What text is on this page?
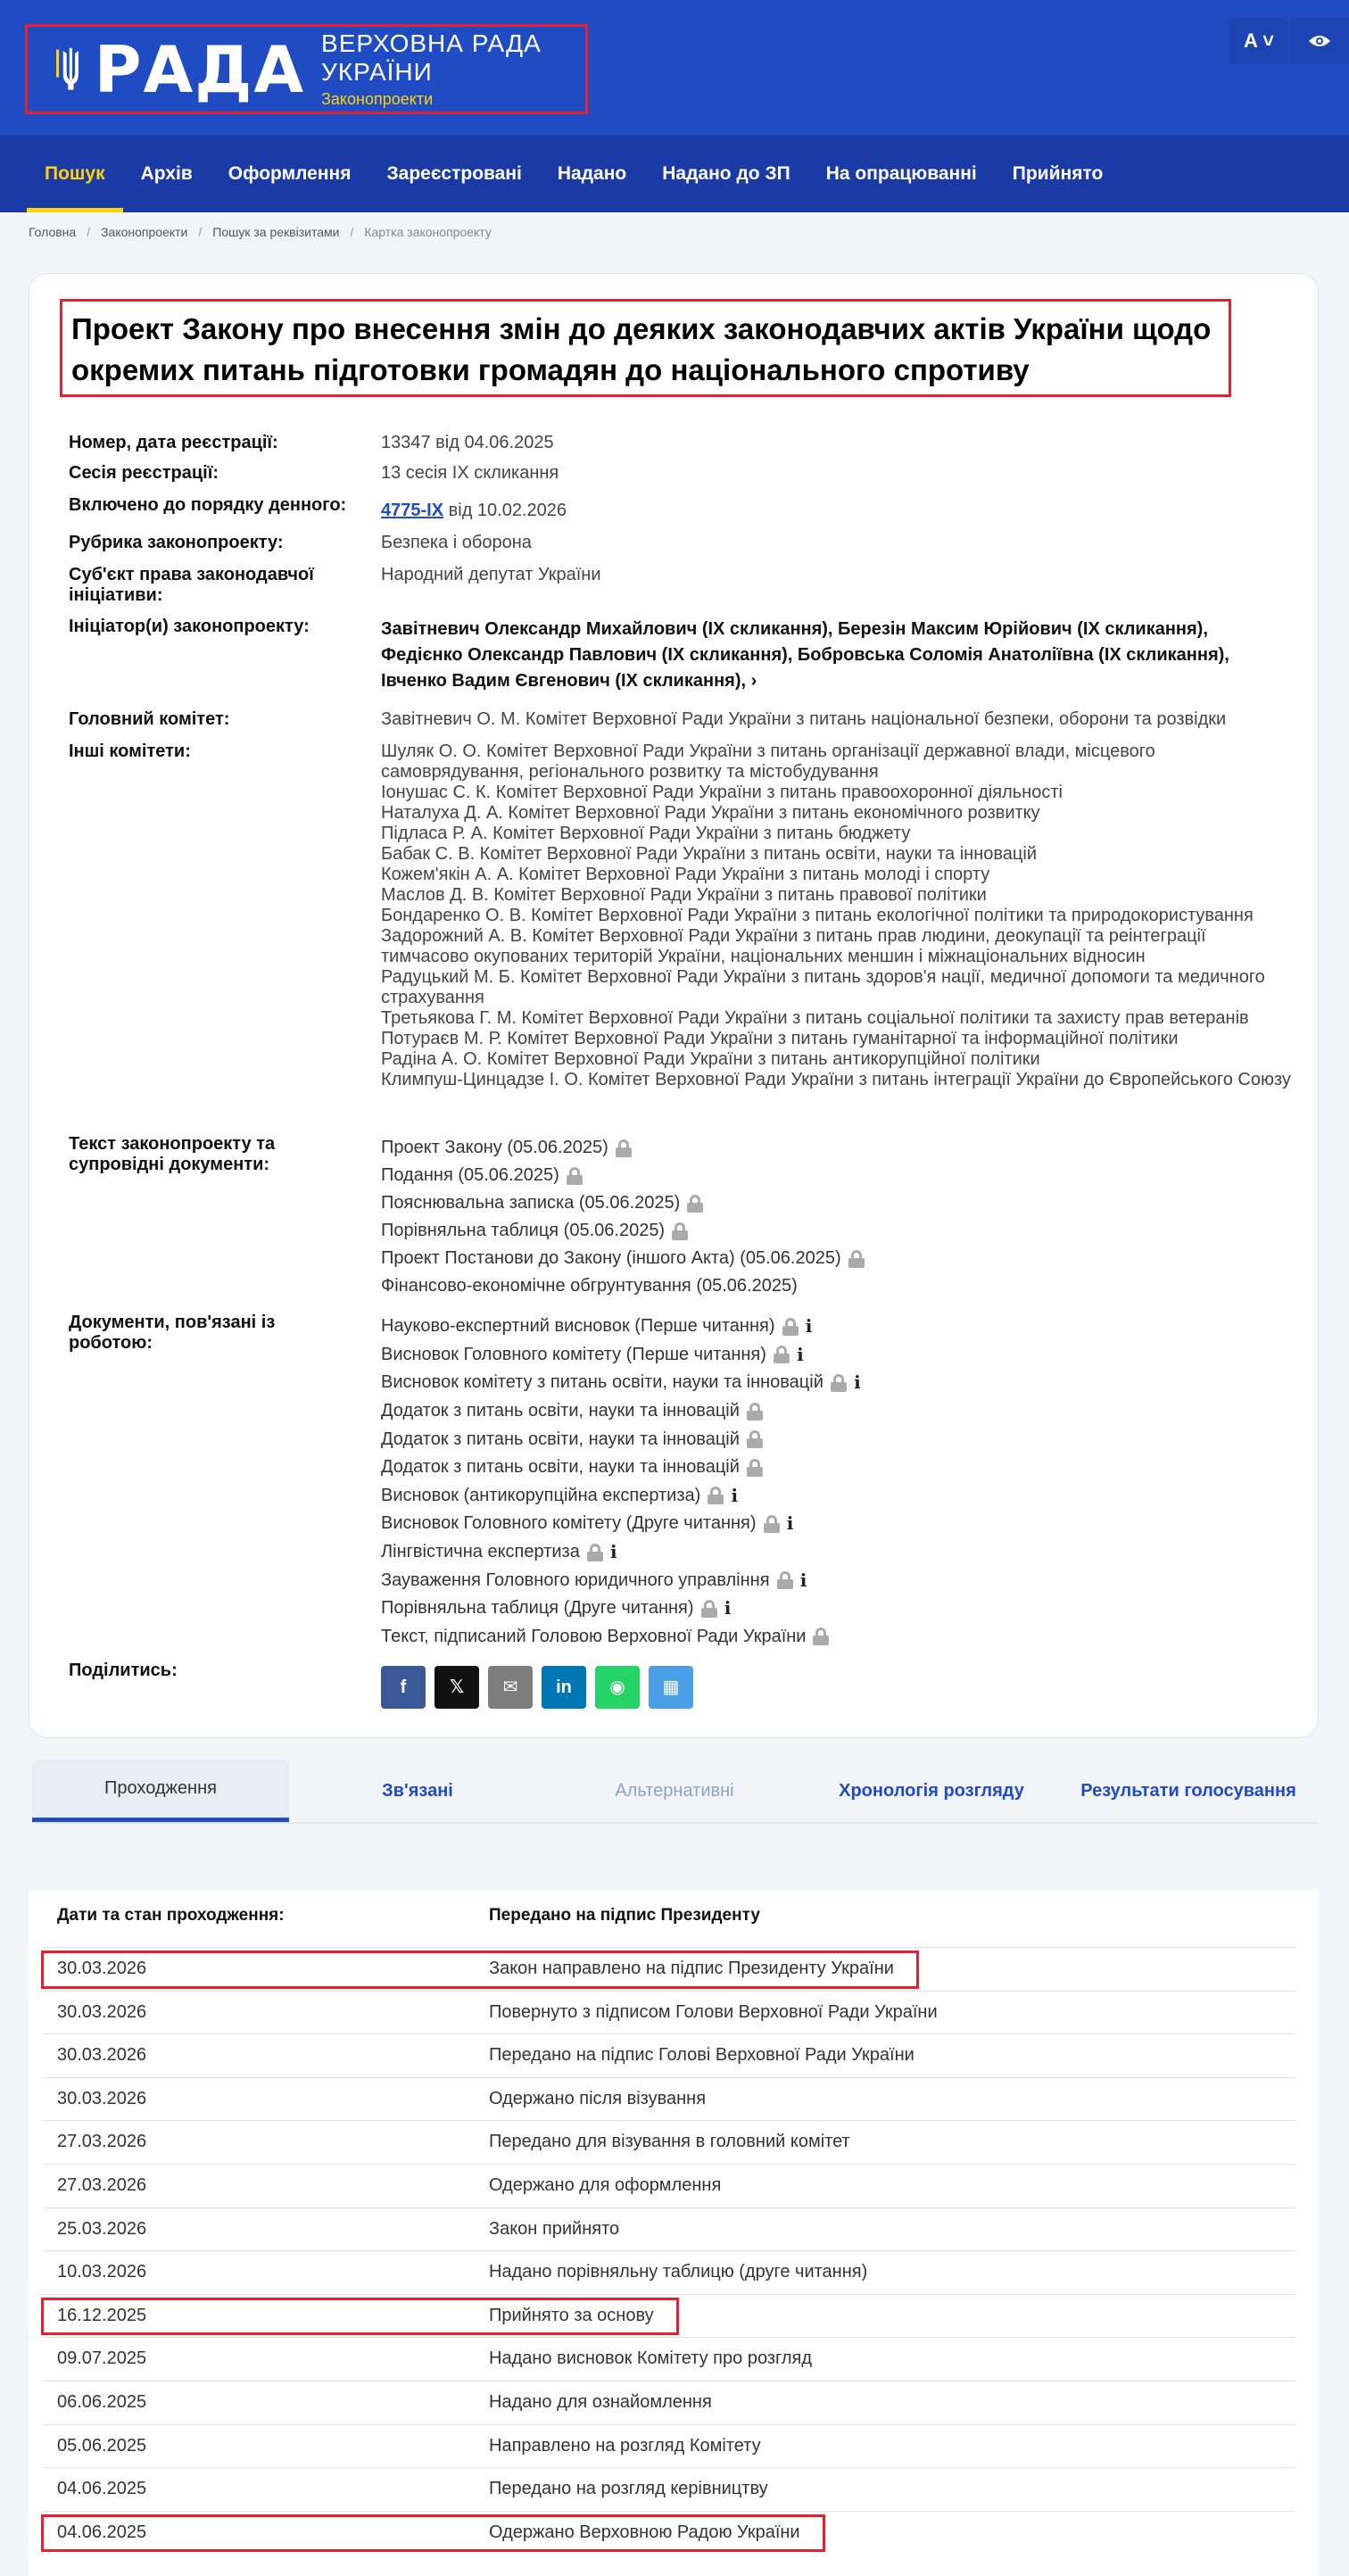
РАДА ВЕРХОВНА РАДА УКРАЇНИ
Законопроекти
A ˅
Пошук	Архів	Оформлення	Зареєстровані	Надано	Надано до ЗП	На опрацюванні	Прийнято
Головна / Законопроекти / Пошук за реквізитами / Картка законопроекту
Проект Закону про внесення змін до деяких законодавчих актів України щодо окремих питань підготовки громадян до національного спротиву
Номер, дата реєстрації:	13347 від 04.06.2025
Сесія реєстрації:	13 сесія IX скликання
Включено до порядку денного:	4775-IX від 10.02.2026
Рубрика законопроекту:	Безпека і оборона
Суб'єкт права законодавчої ініціативи:
Народний депутат України
Ініціатор(и) законопроекту:	Завітневич Олександр Михайлович (IX скликання), Березін Максим Юрійович (IX скликання), Федієнко Олександр Павлович (IX скликання), Бобровська Соломія Анатоліївна (IX скликання), Івченко Вадим Євгенович (IX скликання), ›
Головний комітет:	Завітневич О. М. Комітет Верховної Ради України з питань національної безпеки, оборони та розвідки
Інші комітети:	Шуляк О. О. Комітет Верховної Ради України з питань організації державної влади, місцевого самоврядування, регіонального розвитку та містобудування
Іонушас С. К. Комітет Верховної Ради України з питань правоохоронної діяльності
Наталуха Д. А. Комітет Верховної Ради України з питань економічного розвитку
Підласа Р. А. Комітет Верховної Ради України з питань бюджету
Бабак С. В. Комітет Верховної Ради України з питань освіти, науки та інновацій
Кожем'якін А. А. Комітет Верховної Ради України з питань молоді і спорту
Маслов Д. В. Комітет Верховної Ради України з питань правової політики
Бондаренко О. В. Комітет Верховної Ради України з питань екологічної політики та природокористування
Задорожний А. В. Комітет Верховної Ради України з питань прав людини, деокупації та реінтеграції тимчасово окупованих територій України, національних меншин і міжнаціональних відносин
Радуцький М. Б. Комітет Верховної Ради України з питань здоров'я нації, медичної допомоги та медичного страхування
Третьякова Г. М. Комітет Верховної Ради України з питань соціальної політики та захисту прав ветеранів
Потураєв М. Р. Комітет Верховної Ради України з питань гуманітарної та інформаційної політики
Радіна А. О. Комітет Верховної Ради України з питань антикорупційної політики
Климпуш-Цинцадзе І. О. Комітет Верховної Ради України з питань інтеграції України до Європейського Союзу
Текст законопроекту та супровідні документи:
Проект Закону (05.06.2025)
Подання (05.06.2025)
Пояснювальна записка (05.06.2025)
Порівняльна таблиця (05.06.2025)
Проект Постанови до Закону (іншого Акта) (05.06.2025)
Фінансово-економічне обгрунтування (05.06.2025)
Документи, пов'язані із роботою:
Науково-експертний висновок (Перше читання) i
Висновок Головного комітету (Перше читання) i
Висновок комітету з питань освіти, науки та інновацій i
Додаток з питань освіти, науки та інновацій
Додаток з питань освіти, науки та інновацій
Додаток з питань освіти, науки та інновацій
Висновок (антикорупційна експертиза) i
Висновок Головного комітету (Друге читання) i
Лінгвістична експертиза i
Зауваження Головного юридичного управління i
Порівняльна таблиця (Друге читання) i
Текст, підписаний Головою Верховної Ради України
Поділитись:
f	𝕏	✉	in	◉	▦
Проходження	Зв'язані	Альтернативні	Хронологія розгляду	Результати голосування
Дати та стан проходження:	Передано на підпис Президенту
30.03.2026	Закон направлено на підпис Президенту України
30.03.2026	Повернуто з підписом Голови Верховної Ради України
30.03.2026	Передано на підпис Голові Верховної Ради України
30.03.2026	Одержано після візування
27.03.2026	Передано для візування в головний комітет
27.03.2026	Одержано для оформлення
25.03.2026	Закон прийнято
10.03.2026	Надано порівняльну таблицю (друге читання)
16.12.2025	Прийнято за основу
09.07.2025	Надано висновок Комітету про розгляд
06.06.2025	Надано для ознайомлення
05.06.2025	Направлено на розгляд Комітету
04.06.2025	Передано на розгляд керівництву
04.06.2025	Одержано Верховною Радою України
